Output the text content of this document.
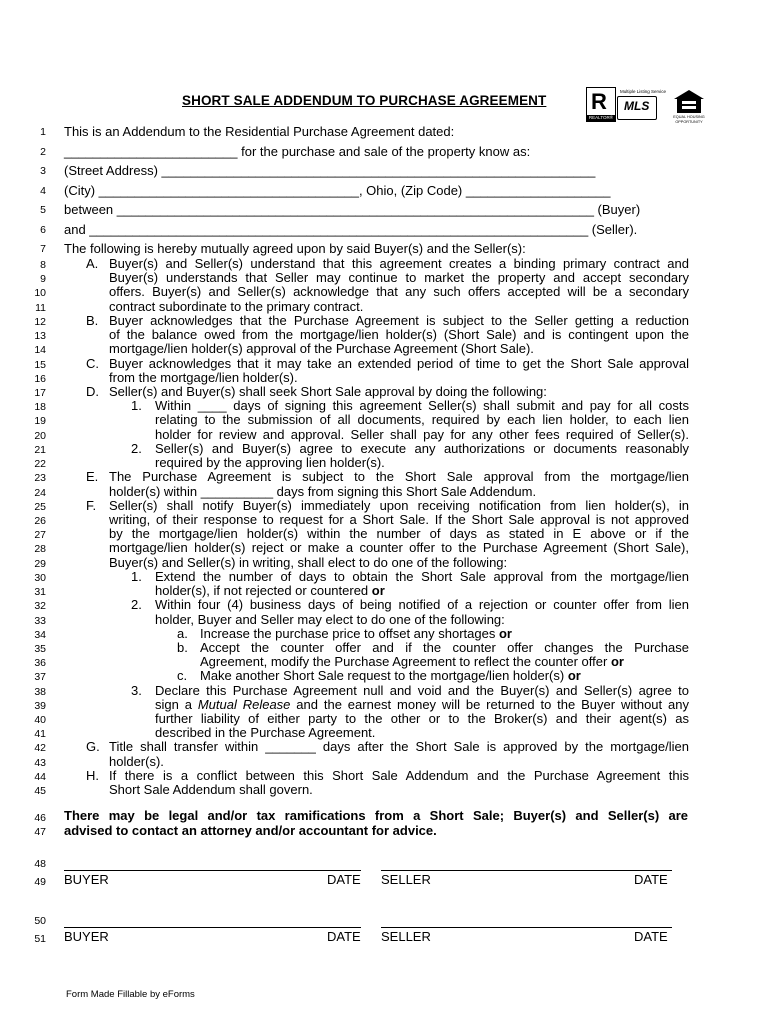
SHORT SALE ADDENDUM TO PURCHASE AGREEMENT R
REALTOR®
Multiple Listing Service
MLS
EQUAL HOUSING OPPORTUNITY
1
2
3
4
5
6
7
8
9
10
11
12
13
14
15
16
17
18
19
20
21
22
23
24
25
26
27
28
29
30
31
32
33
34
35
36
37
38
39
40
41
42
43
44
45
46
47
48
49
50
51
This is an Addendum to the Residential Purchase Agreement dated:
________________________ for the purchase and sale of the property know as:
(Street Address) ____________________________________________________________
(City) ____________________________________, Ohio, (Zip Code) ____________________
between __________________________________________________________________ (Buyer)
and _____________________________________________________________________ (Seller).
The following is hereby mutually agreed upon by said Buyer(s) and the Seller(s):
A. Buyer(s) and Seller(s) understand that this agreement creates a binding primary contract and
Buyer(s) understands that Seller may continue to market the property and accept secondary
offers. Buyer(s) and Seller(s) acknowledge that any such offers accepted will be a secondary
contract subordinate to the primary contract.
B. Buyer acknowledges that the Purchase Agreement is subject to the Seller getting a reduction
of the balance owed from the mortgage/lien holder(s) (Short Sale) and is contingent upon the
mortgage/lien holder(s) approval of the Purchase Agreement (Short Sale).
C. Buyer acknowledges that it may take an extended period of time to get the Short Sale approval
from the mortgage/lien holder(s).
D. Seller(s) and Buyer(s) shall seek Short Sale approval by doing the following:
1. Within ____ days of signing this agreement Seller(s) shall submit and pay for all costs
relating to the submission of all documents, required by each lien holder, to each lien
holder for review and approval. Seller shall pay for any other fees required of Seller(s).
2. Seller(s) and Buyer(s) agree to execute any authorizations or documents reasonably
required by the approving lien holder(s).
E. The Purchase Agreement is subject to the Short Sale approval from the mortgage/lien
holder(s) within __________ days from signing this Short Sale Addendum.
F. Seller(s) shall notify Buyer(s) immediately upon receiving notification from lien holder(s), in
writing, of their response to request for a Short Sale. If the Short Sale approval is not approved
by the mortgage/lien holder(s) within the number of days as stated in E above or if the
mortgage/lien holder(s) reject or make a counter offer to the Purchase Agreement (Short Sale),
Buyer(s) and Seller(s) in writing, shall elect to do one of the following:
1. Extend the number of days to obtain the Short Sale approval from the mortgage/lien
holder(s), if not rejected or countered or
2. Within four (4) business days of being notified of a rejection or counter offer from lien
holder, Buyer and Seller may elect to do one of the following:
a. Increase the purchase price to offset any shortages or
b. Accept the counter offer and if the counter offer changes the Purchase
Agreement, modify the Purchase Agreement to reflect the counter offer or
c. Make another Short Sale request to the mortgage/lien holder(s) or
3. Declare this Purchase Agreement null and void and the Buyer(s) and Seller(s) agree to
sign a Mutual Release and the earnest money will be returned to the Buyer without any
further liability of either party to the other or to the Broker(s) and their agent(s) as
described in the Purchase Agreement.
G. Title shall transfer within _______ days after the Short Sale is approved by the mortgage/lien
holder(s).
H. If there is a conflict between this Short Sale Addendum and the Purchase Agreement this
Short Sale Addendum shall govern.
There may be legal and/or tax ramifications from a Short Sale; Buyer(s) and Seller(s) are
advised to contact an attorney and/or accountant for advice.
BUYER	DATE SELLER	DATE
BUYER	DATE SELLER	DATE
Form Made Fillable by eForms
